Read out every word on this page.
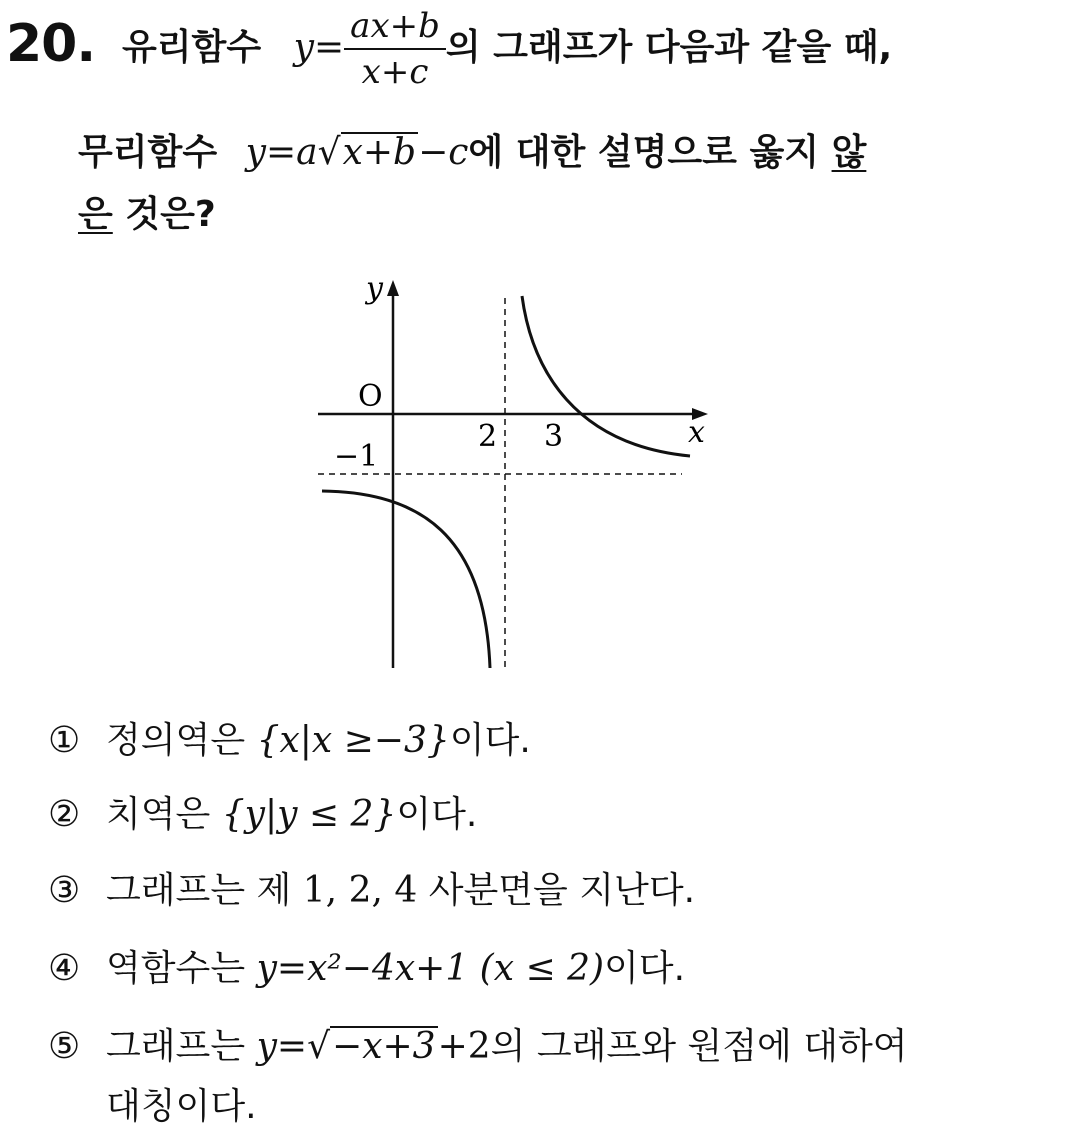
20. 유리함수 $y= \frac{ax+b}{x+c}$ 의 그래프가 다음과 같을 때,
무리함수 y=a√x+b−c에 대한 설명으로 옳지 않
은 것은?
y
x
O
2 3
−1
① 정의역은 {x|x ≥−3}이다.
② 치역은 {y|y ≤ 2}이다.
③ 그래프는 제 1, 2, 4 사분면을 지난다.
④ 역함수는 y=x²−4x+1 (x ≤ 2)이다.
⑤ 그래프는 y=√−x+3+2의 그래프와 원점에 대하여
대칭이다.
